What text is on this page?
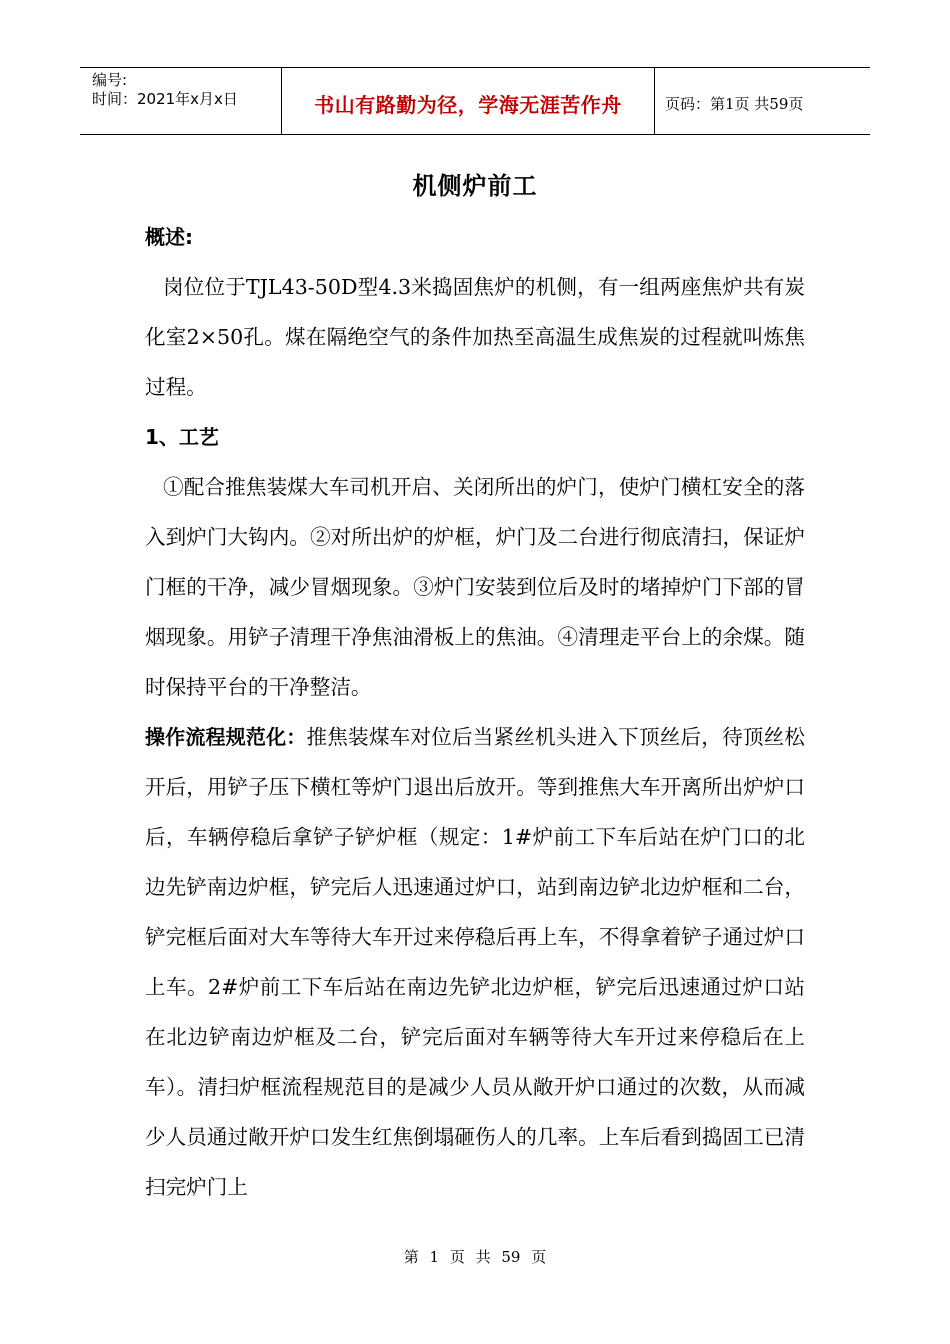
编号:
时间：2021年x月x日	书山有路勤为径，学海无涯苦作舟	页码：第1页 共59页
机侧炉前工

概述:

岗位位于TJL43-50D型4.3米捣固焦炉的机侧，有一组两座焦炉共有炭化室2×50孔。煤在隔绝空气的条件加热至高温生成焦炭的过程就叫炼焦过程。

1、工艺

①配合推焦装煤大车司机开启、关闭所出的炉门，使炉门横杠安全的落入到炉门大钩内。②对所出炉的炉框，炉门及二台进行彻底清扫，保证炉门框的干净，减少冒烟现象。③炉门安装到位后及时的堵掉炉门下部的冒烟现象。用铲子清理干净焦油滑板上的焦油。④清理走平台上的余煤。随时保持平台的干净整洁。

操作流程规范化：推焦装煤车对位后当紧丝机头进入下顶丝后，待顶丝松开后，用铲子压下横杠等炉门退出后放开。等到推焦大车开离所出炉炉口后，车辆停稳后拿铲子铲炉框（规定：1#炉前工下车后站在炉门口的北边先铲南边炉框，铲完后人迅速通过炉口，站到南边铲北边炉框和二台，铲完框后面对大车等待大车开过来停稳后再上车，不得拿着铲子通过炉口上车。2#炉前工下车后站在南边先铲北边炉框，铲完后迅速通过炉口站在北边铲南边炉框及二台，铲完后面对车辆等待大车开过来停稳后在上车）。清扫炉框流程规范目的是减少人员从敞开炉口通过的次数，从而减少人员通过敞开炉口发生红焦倒塌砸伤人的几率。上车后看到捣固工已清扫完炉门上

第 1 页 共 59 页
